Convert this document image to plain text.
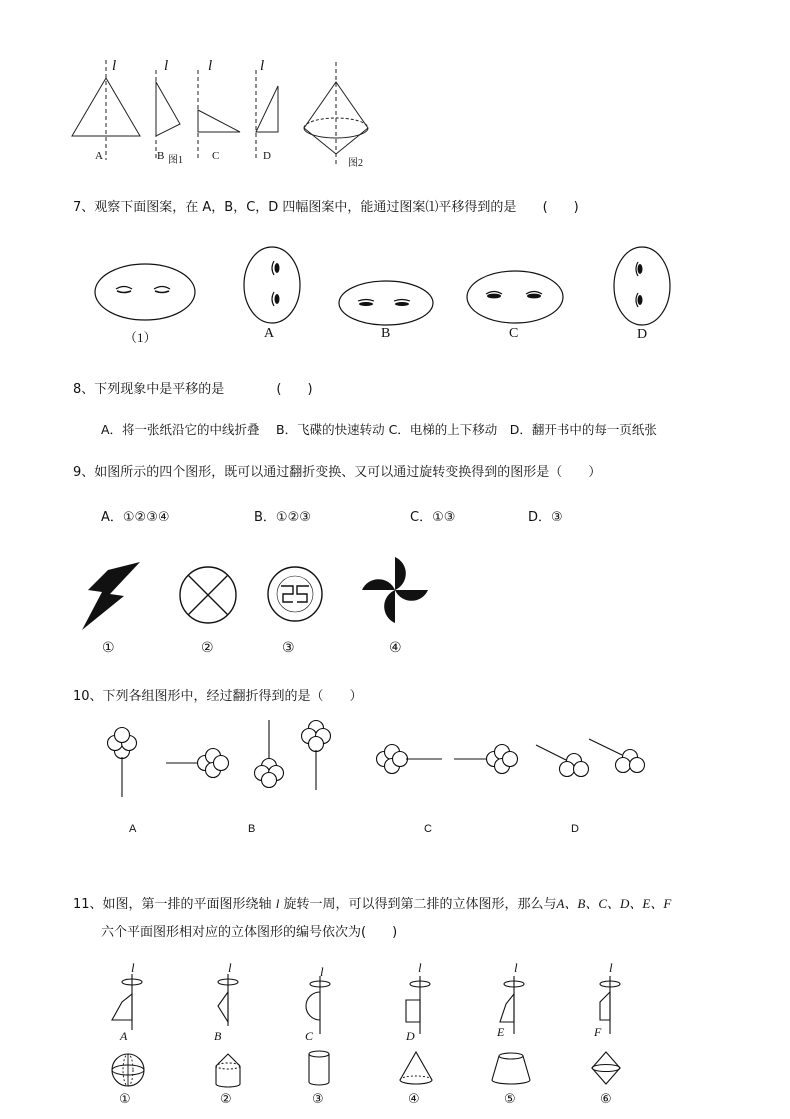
l	l	l	l
A	B 图1	C	D
图2
7、观察下面图案，在 A，B，C，D 四幅图案中，能通过图案⑴平移得到的是 (　　)
（1）	A	B	C	D
8、下列现象中是平移的是	(　　)
A．将一张纸沿它的中线折叠　 B．飞碟的快速转动 C．电梯的上下移动　D．翻开书中的每一页纸张
9、如图所示的四个图形，既可以通过翻折变换、又可以通过旋转变换得到的图形是（　　）
A．①②③④	B．①②③	C．①③	D．③
①	②	③	④
10、下列各组图形中，经过翻折得到的是（　　）
A	B	C	D
11、如图，第一排的平面图形绕轴 l 旋转一周，可以得到第二排的立体图形，那么与A、B、C、D、E、F
六个平面图形相对应的立体图形的编号依次为(　　)
l	l	l	l	l	l
A	B	C	D	E	F
①	②	③	④	⑤	⑥
